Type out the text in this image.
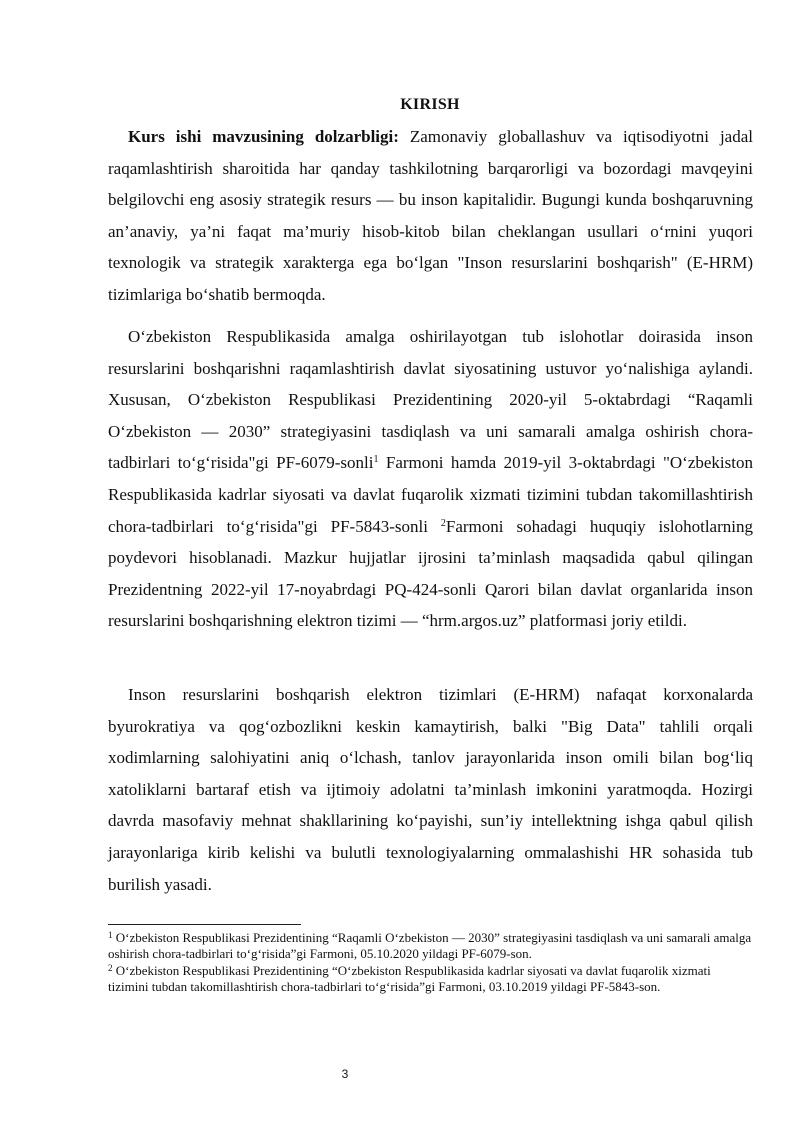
KIRISH

Kurs ishi mavzusining dolzarbligi: Zamonaviy globallashuv va iqtisodiyotni jadal raqamlashtirish sharoitida har qanday tashkilotning barqarorligi va bozordagi mavqeyini belgilovchi eng asosiy strategik resurs — bu inson kapitalidir. Bugungi kunda boshqaruvning an’anaviy, ya’ni faqat ma’muriy hisob-kitob bilan cheklangan usullari oʻrnini yuqori texnologik va strategik xarakterga ega boʻlgan "Inson resurslarini boshqarish" (E-HRM) tizimlariga boʻshatib bermoqda.

Oʻzbekiston Respublikasida amalga oshirilayotgan tub islohotlar doirasida inson resurslarini boshqarishni raqamlashtirish davlat siyosatining ustuvor yoʻnalishiga aylandi. Xususan, Oʻzbekiston Respublikasi Prezidentining 2020-yil 5-oktabrdagi “Raqamli Oʻzbekiston — 2030” strategiyasini tasdiqlash va uni samarali amalga oshirish chora-tadbirlari toʻgʻrisida"gi PF-6079-sonli$^1$ Farmoni hamda 2019-yil 3-oktabrdagi "Oʻzbekiston Respublikasida kadrlar siyosati va davlat fuqarolik xizmati tizimini tubdan takomillashtirish chora-tadbirlari toʻgʻrisida"gi PF-5843-sonli $^2$Farmoni sohadagi huquqiy islohotlarning poydevori hisoblanadi. Mazkur hujjatlar ijrosini ta’minlash maqsadida qabul qilingan Prezidentning 2022-yil 17-noyabrdagi PQ-424-sonli Qarori bilan davlat organlarida inson resurslarini boshqarishning elektron tizimi — “hrm.argos.uz” platformasi joriy etildi.

Inson resurslarini boshqarish elektron tizimlari (E-HRM) nafaqat korxonalarda byurokratiya va qogʻozbozlikni keskin kamaytirish, balki "Big Data" tahlili orqali xodimlarning salohiyatini aniq oʻlchash, tanlov jarayonlarida inson omili bilan bogʻliq xatoliklarni bartaraf etish va ijtimoiy adolatni ta’minlash imkonini yaratmoqda. Hozirgi davrda masofaviy mehnat shakllarining koʻpayishi, sun’iy intellektning ishga qabul qilish jarayonlariga kirib kelishi va bulutli texnologiyalarning ommalashishi HR sohasida tub burilish yasadi.

$^1$ Oʻzbekiston Respublikasi Prezidentining “Raqamli Oʻzbekiston — 2030” strategiyasini tasdiqlash va uni samarali amalga oshirish chora-tadbirlari toʻgʻrisida”gi Farmoni, 05.10.2020 yildagi PF-6079-son.

$^2$ Oʻzbekiston Respublikasi Prezidentining “Oʻzbekiston Respublikasida kadrlar siyosati va davlat fuqarolik xizmati tizimini tubdan takomillashtirish chora-tadbirlari toʻgʻrisida”gi Farmoni, 03.10.2019 yildagi PF-5843-son.

3
